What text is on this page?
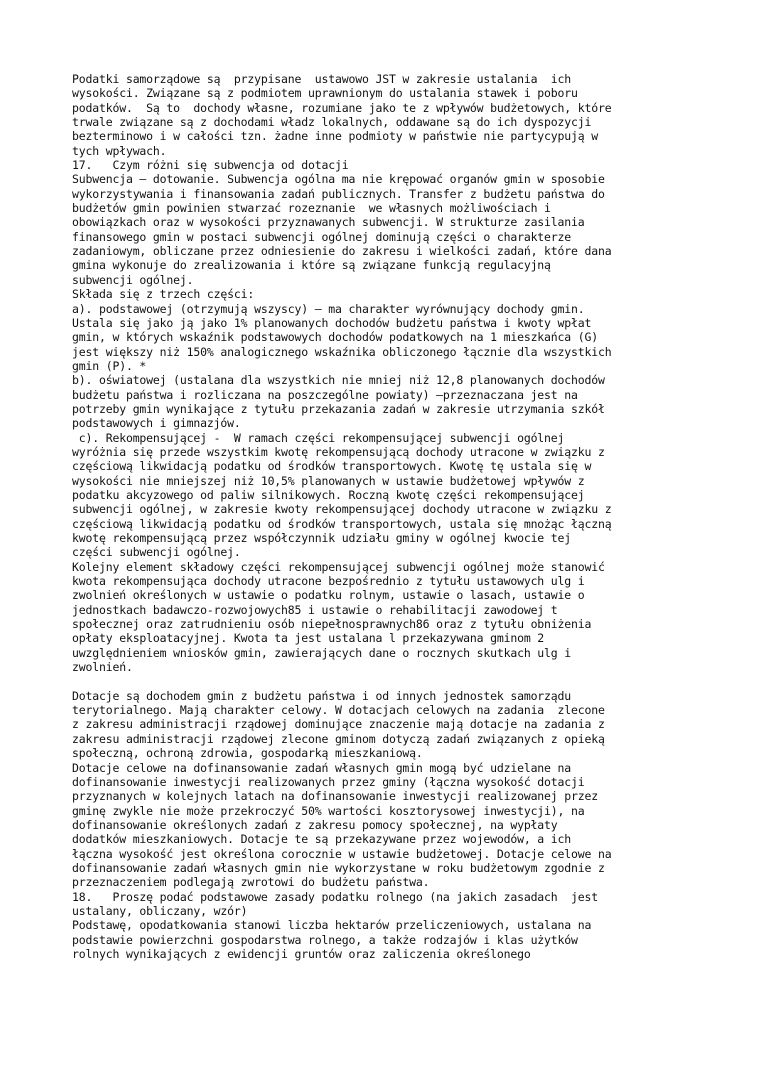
Podatki samorządowe są  przypisane  ustawowo JST w zakresie ustalania  ich
wysokości. Związane są z podmiotem uprawnionym do ustalania stawek i poboru
podatków.  Są to  dochody własne, rozumiane jako te z wpływów budżetowych, które
trwale związane są z dochodami władz lokalnych, oddawane są do ich dyspozycji
bezterminowo i w całości tzn. żadne inne podmioty w państwie nie partycypują w
tych wpływach.
17.   Czym różni się subwencja od dotacji
Subwencja – dotowanie. Subwencja ogólna ma nie krępować organów gmin w sposobie
wykorzystywania i finansowania zadań publicznych. Transfer z budżetu państwa do
budżetów gmin powinien stwarzać rozeznanie  we własnych możliwościach i
obowiązkach oraz w wysokości przyznawanych subwencji. W strukturze zasilania
finansowego gmin w postaci subwencji ogólnej dominują części o charakterze
zadaniowym, obliczane przez odniesienie do zakresu i wielkości zadań, które dana
gmina wykonuje do zrealizowania i które są związane funkcją regulacyjną
subwencji ogólnej.
Składa się z trzech części:
a). podstawowej (otrzymują wszyscy) – ma charakter wyrównujący dochody gmin.
Ustala się jako ją jako 1% planowanych dochodów budżetu państwa i kwoty wpłat
gmin, w których wskaźnik podstawowych dochodów podatkowych na 1 mieszkańca (G)
jest większy niż 150% analogicznego wskaźnika obliczonego łącznie dla wszystkich
gmin (P). *
b). oświatowej (ustalana dla wszystkich nie mniej niż 12,8 planowanych dochodów
budżetu państwa i rozliczana na poszczególne powiaty) –przeznaczana jest na
potrzeby gmin wynikające z tytułu przekazania zadań w zakresie utrzymania szkół
podstawowych i gimnazjów.
c). Rekompensującej -  W ramach części rekompensującej subwencji ogólnej
wyróżnia się przede wszystkim kwotę rekompensującą dochody utracone w związku z
częściową likwidacją podatku od środków transportowych. Kwotę tę ustala się w
wysokości nie mniejszej niż 10,5% planowanych w ustawie budżetowej wpływów z
podatku akcyzowego od paliw silnikowych. Roczną kwotę części rekompensującej
subwencji ogólnej, w zakresie kwoty rekompensującej dochody utracone w związku z
częściową likwidacją podatku od środków transportowych, ustala się mnożąc łączną
kwotę rekompensującą przez współczynnik udziału gminy w ogólnej kwocie tej
części subwencji ogólnej.
Kolejny element składowy części rekompensującej subwencji ogólnej może stanowić
kwota rekompensująca dochody utracone bezpośrednio z tytułu ustawowych ulg i
zwolnień określonych w ustawie o podatku rolnym, ustawie o lasach, ustawie o
jednostkach badawczo-rozwojowych85 i ustawie o rehabilitacji zawodowej t
społecznej oraz zatrudnieniu osób niepełnosprawnych86 oraz z tytułu obniżenia
opłaty eksploatacyjnej. Kwota ta jest ustalana l przekazywana gminom 2
uwzględnieniem wniosków gmin, zawierających dane o rocznych skutkach ulg i
zwolnień.
Dotacje są dochodem gmin z budżetu państwa i od innych jednostek samorządu
terytorialnego. Mają charakter celowy. W dotacjach celowych na zadania  zlecone
z zakresu administracji rządowej dominujące znaczenie mają dotacje na zadania z
zakresu administracji rządowej zlecone gminom dotyczą zadań związanych z opieką
społeczną, ochroną zdrowia, gospodarką mieszkaniową.
Dotacje celowe na dofinansowanie zadań własnych gmin mogą być udzielane na
dofinansowanie inwestycji realizowanych przez gminy (łączna wysokość dotacji
przyznanych w kolejnych latach na dofinansowanie inwestycji realizowanej przez
gminę zwykle nie może przekroczyć 50% wartości kosztorysowej inwestycji), na
dofinansowanie określonych zadań z zakresu pomocy społecznej, na wypłaty
dodatków mieszkaniowych. Dotacje te są przekazywane przez wojewodów, a ich
łączna wysokość jest określona corocznie w ustawie budżetowej. Dotacje celowe na
dofinansowanie zadań własnych gmin nie wykorzystane w roku budżetowym zgodnie z
przeznaczeniem podlegają zwrotowi do budżetu państwa.
18.   Proszę podać podstawowe zasady podatku rolnego (na jakich zasadach  jest
ustalany, obliczany, wzór)
Podstawę, opodatkowania stanowi liczba hektarów przeliczeniowych, ustalana na
podstawie powierzchni gospodarstwa rolnego, a także rodzajów i klas użytków
rolnych wynikających z ewidencji gruntów oraz zaliczenia określonego
